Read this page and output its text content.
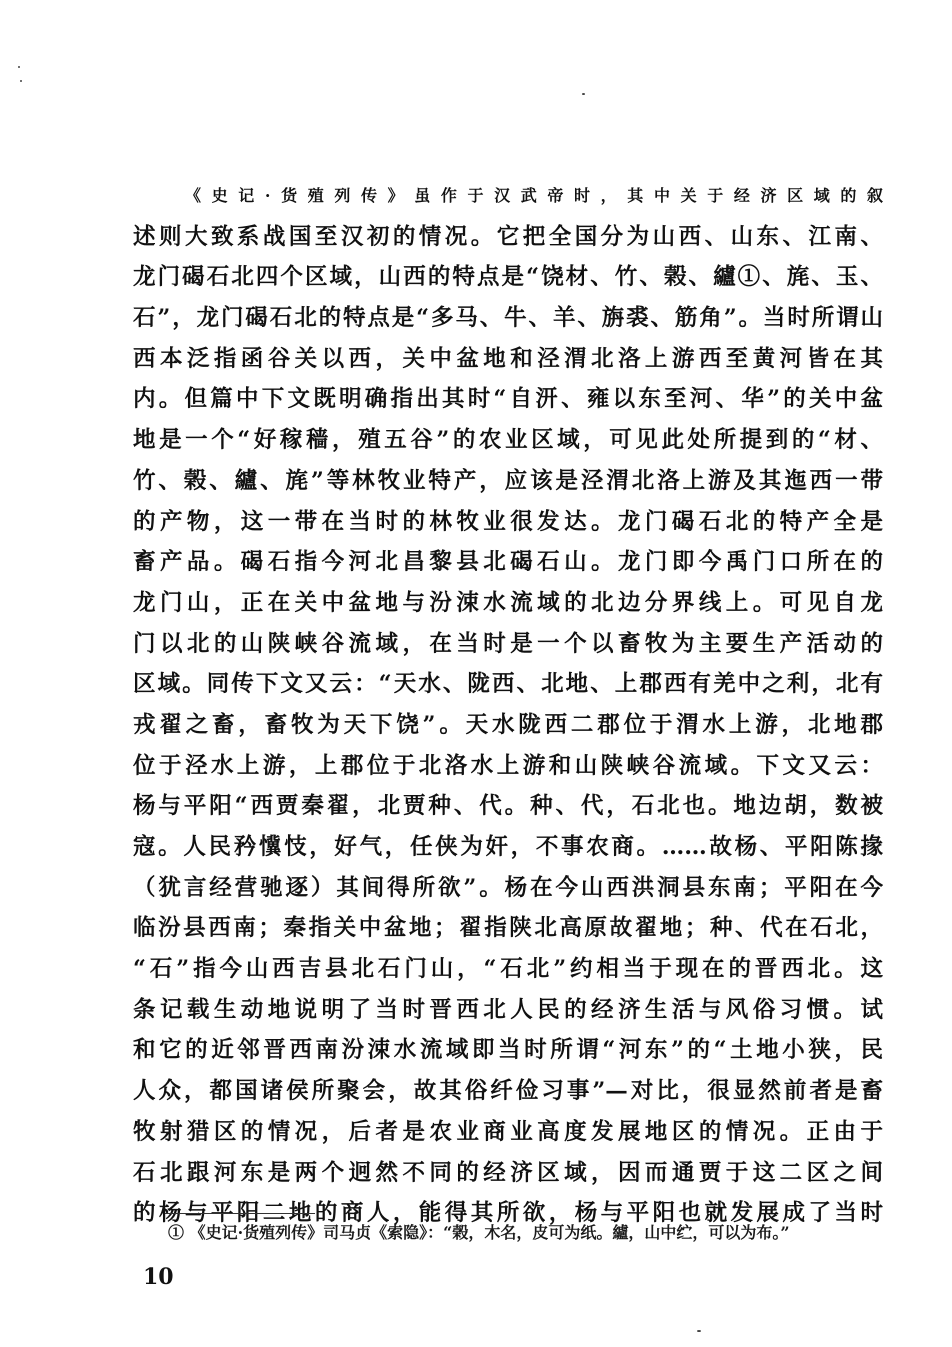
《史记·货殖列传》虽作于汉武帝时，其中关于经济区域的叙
述则大致系战国至汉初的情况。它把全国分为山西、山东、江南、
龙门碣石北四个区域，山西的特点是“饶材、竹、榖、纑①、旄、玉、
石”，龙门碣石北的特点是“多马、牛、羊、旃裘、筋角”。当时所谓山
西本泛指函谷关以西，关中盆地和泾渭北洛上游西至黄河皆在其
内。但篇中下文既明确指出其时“自汧、雍以东至河、华”的关中盆
地是一个“好稼穑，殖五谷”的农业区域，可见此处所提到的“材、
竹、榖、纑、旄”等林牧业特产，应该是泾渭北洛上游及其迤西一带
的产物，这一带在当时的林牧业很发达。龙门碣石北的特产全是
畜产品。碣石指今河北昌黎县北碣石山。龙门即今禹门口所在的
龙门山，正在关中盆地与汾涑水流域的北边分界线上。可见自龙
门以北的山陕峡谷流域，在当时是一个以畜牧为主要生产活动的
区域。同传下文又云：“天水、陇西、北地、上郡西有羌中之利，北有
戎翟之畜，畜牧为天下饶”。天水陇西二郡位于渭水上游，北地郡
位于泾水上游，上郡位于北洛水上游和山陕峡谷流域。下文又云：
杨与平阳“西贾秦翟，北贾种、代。种、代，石北也。地边胡，数被
寇。人民矜懻忮，好气，任侠为奸，不事农商。……故杨、平阳陈掾
（犹言经营驰逐）其间得所欲”。杨在今山西洪洞县东南；平阳在今
临汾县西南；秦指关中盆地；翟指陕北高原故翟地；种、代在石北，
“石”指今山西吉县北石门山，“石北”约相当于现在的晋西北。这
条记载生动地说明了当时晋西北人民的经济生活与风俗习惯。试
和它的近邻晋西南汾涑水流域即当时所谓“河东”的“土地小狭，民
人众，都国诸侯所聚会，故其俗纤俭习事”—对比，很显然前者是畜
牧射猎区的情况，后者是农业商业高度发展地区的情况。正由于
石北跟河东是两个迥然不同的经济区域，因而通贾于这二区之间
的杨与平阳二地的商人，能得其所欲，杨与平阳也就发展成了当时
① 《史记·货殖列传》司马贞《索隐》：“榖，木名，皮可为纸。纑，山中纻，可以为布。”
10
